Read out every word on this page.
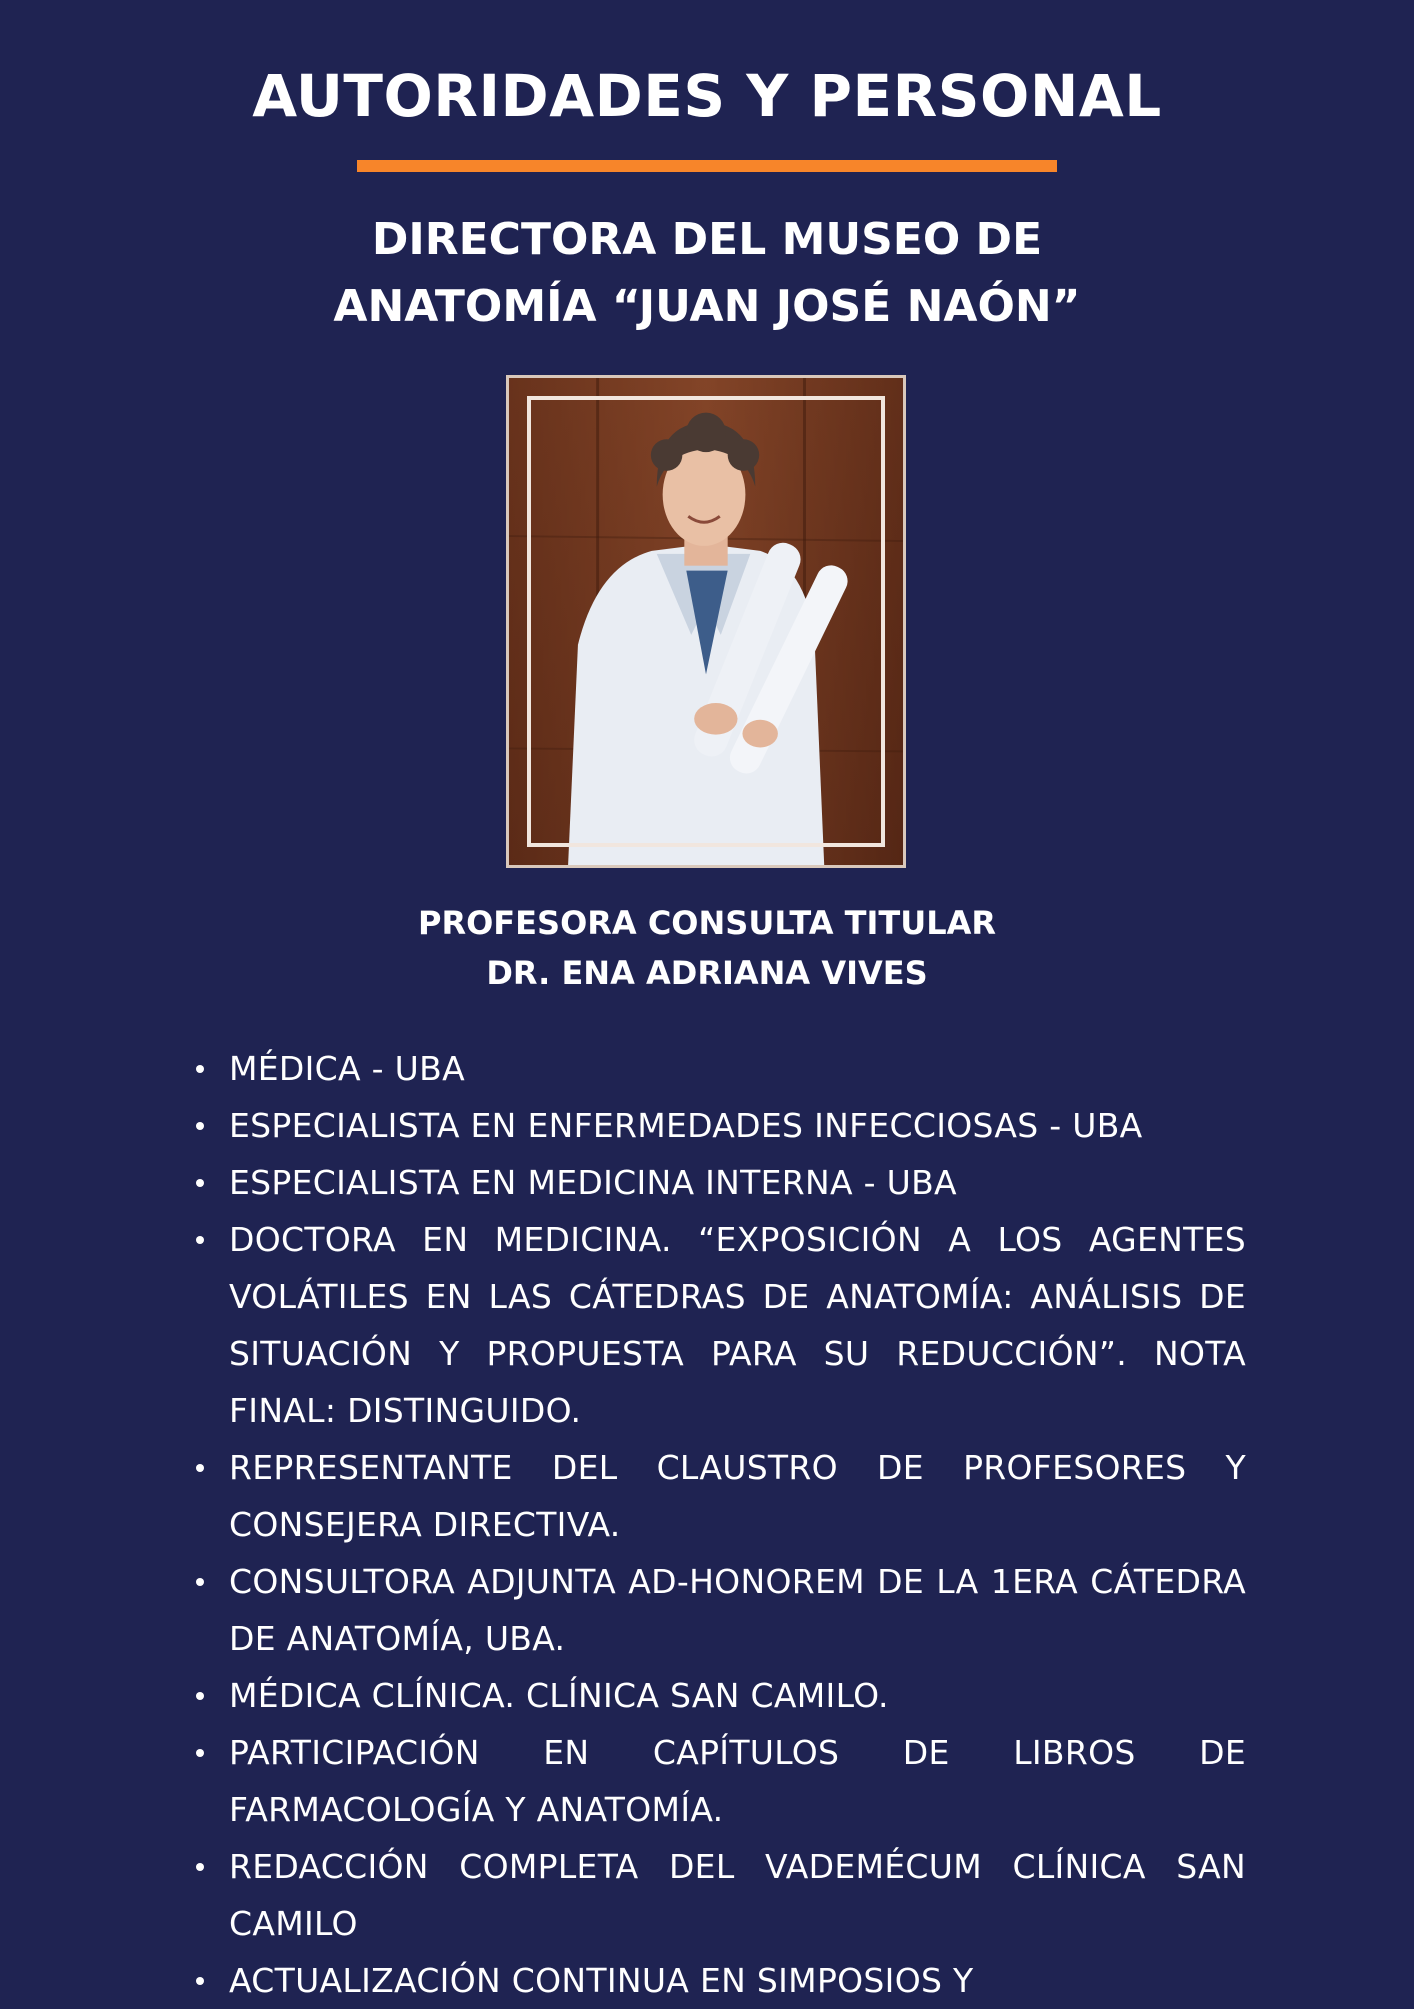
AUTORIDADES Y PERSONAL
DIRECTORA DEL MUSEO DE
ANATOMÍA “JUAN JOSÉ NAÓN”
PROFESORA CONSULTA TITULAR
DR. ENA ADRIANA VIVES
MÉDICA - UBA
ESPECIALISTA EN ENFERMEDADES INFECCIOSAS - UBA
ESPECIALISTA EN MEDICINA INTERNA - UBA
DOCTORA EN MEDICINA. “EXPOSICIÓN A LOS AGENTES VOLÁTILES EN LAS CÁTEDRAS DE ANATOMÍA: ANÁLISIS DE SITUACIÓN Y PROPUESTA PARA SU REDUCCIÓN”. NOTA FINAL: DISTINGUIDO.
REPRESENTANTE DEL CLAUSTRO DE PROFESORES Y CONSEJERA DIRECTIVA.
CONSULTORA ADJUNTA AD-HONOREM DE LA 1ERA CÁTEDRA DE ANATOMÍA, UBA.
MÉDICA CLÍNICA. CLÍNICA SAN CAMILO.
PARTICIPACIÓN EN CAPÍTULOS DE LIBROS DE FARMACOLOGÍA Y ANATOMÍA.
REDACCIÓN COMPLETA DEL VADEMÉCUM CLÍNICA SAN CAMILO
ACTUALIZACIÓN CONTINUA EN SIMPOSIOS Y
